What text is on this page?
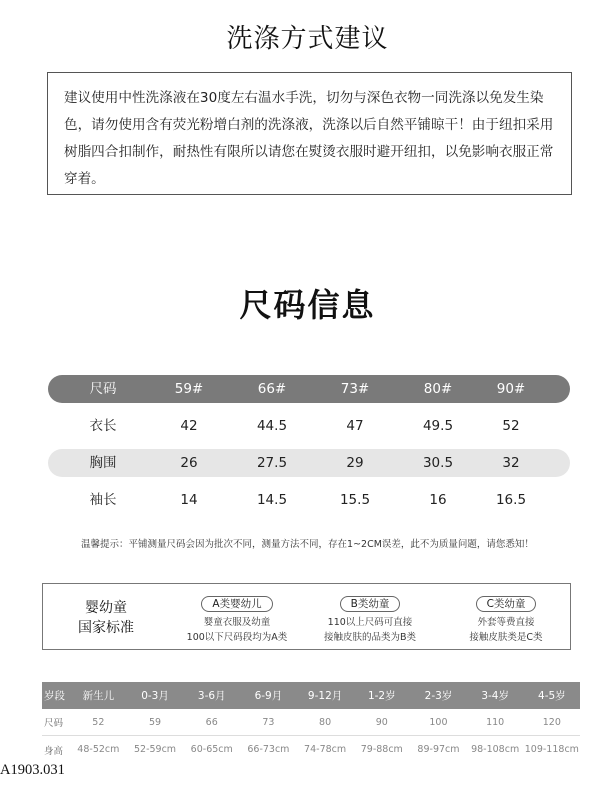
洗涤方式建议
建议使用中性洗涤液在30度左右温水手洗，切勿与深色衣物一同洗涤以免发生染色，请勿使用含有荧光粉增白剂的洗涤液，洗涤以后自然平铺晾干！由于纽扣采用树脂四合扣制作，耐热性有限所以请您在熨烫衣服时避开纽扣，以免影响衣服正常穿着。
尺码信息
尺码	59#	66#	73#	80#	90#
衣长	42	44.5	47	49.5	52
胸围	26	27.5	29	30.5	32
袖长	14	14.5	15.5	16	16.5
温馨提示：平铺测量尺码会因为批次不同，测量方法不同，存在1~2CM误差，此不为质量问题，请您悉知！
婴幼童
国家标准
A类婴幼儿
婴童衣服及幼童
100以下尺码段均为A类
B类幼童
110以上尺码可直接
接触皮肤的品类为B类
C类幼童
外套等费直接
接触皮肤类是C类
岁段	新生儿	0-3月	3-6月	6-9月	9-12月	1-2岁	2-3岁	3-4岁	4-5岁
尺码	52	59	66	73	80	90	100	110	120
身高	48-52cm	52-59cm	60-65cm	66-73cm	74-78cm	79-88cm	89-97cm	98-108cm 109-118cm
A1903.031
